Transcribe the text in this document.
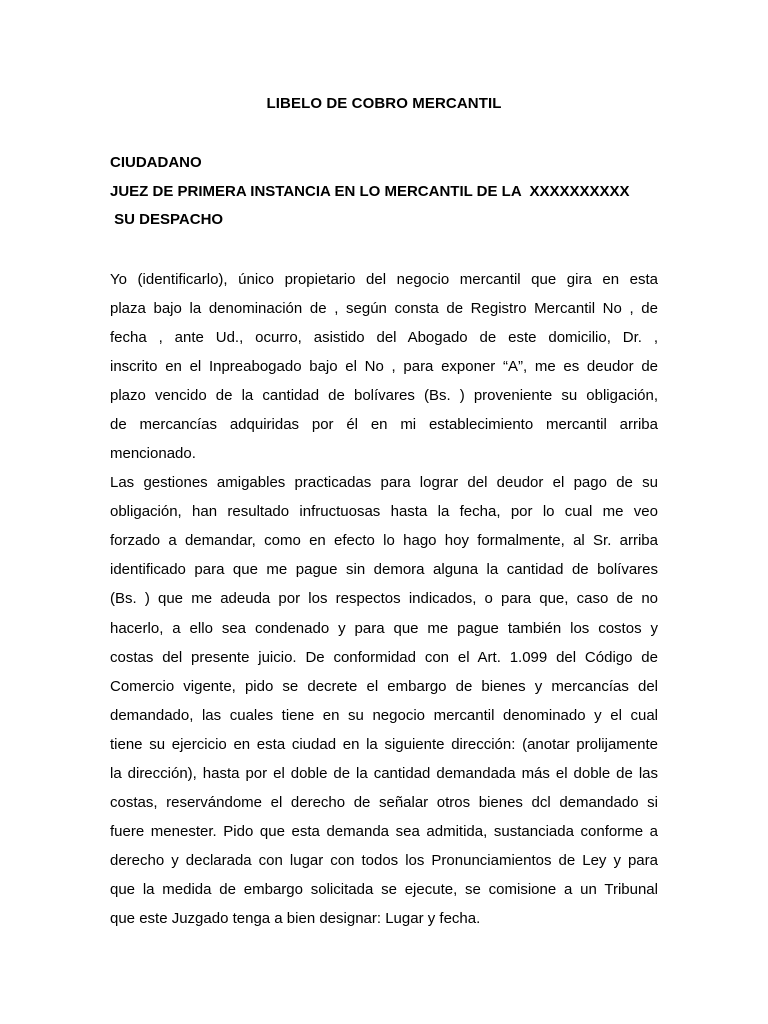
LIBELO DE COBRO MERCANTIL
CIUDADANO
JUEZ DE PRIMERA INSTANCIA EN LO MERCANTIL DE LA  XXXXXXXXXX
SU DESPACHO
Yo (identificarlo), único propietario del negocio mercantil que gira en esta
plaza bajo la denominación de , según consta de Registro Mercantil No , de
fecha , ante Ud., ocurro, asistido del Abogado de este domicilio, Dr. ,
inscrito en el Inpreabogado bajo el No , para exponer “A”, me es deudor de
plazo vencido de la cantidad de bolívares (Bs. ) proveniente su obligación,
de mercancías adquiridas por él en mi establecimiento mercantil arriba
mencionado.
Las gestiones amigables practicadas para lograr del deudor el pago de su
obligación, han resultado infructuosas hasta la fecha, por lo cual me veo
forzado a demandar, como en efecto lo hago hoy formalmente, al Sr. arriba
identificado para que me pague sin demora alguna la cantidad de bolívares
(Bs. ) que me adeuda por los respectos indicados, o para que, caso de no
hacerlo, a ello sea condenado y para que me pague también los costos y
costas del presente juicio. De conformidad con el Art. 1.099 del Código de
Comercio vigente, pido se decrete el embargo de bienes y mercancías del
demandado, las cuales tiene en su negocio mercantil denominado y el cual
tiene su ejercicio en esta ciudad en la siguiente dirección: (anotar prolijamente
la dirección), hasta por el doble de la cantidad demandada más el doble de las
costas, reservándome el derecho de señalar otros bienes dcl demandado si
fuere menester. Pido que esta demanda sea admitida, sustanciada conforme a
derecho y declarada con lugar con todos los Pronunciamientos de Ley y para
que la medida de embargo solicitada se ejecute, se comisione a un Tribunal
que este Juzgado tenga a bien designar: Lugar y fecha.
